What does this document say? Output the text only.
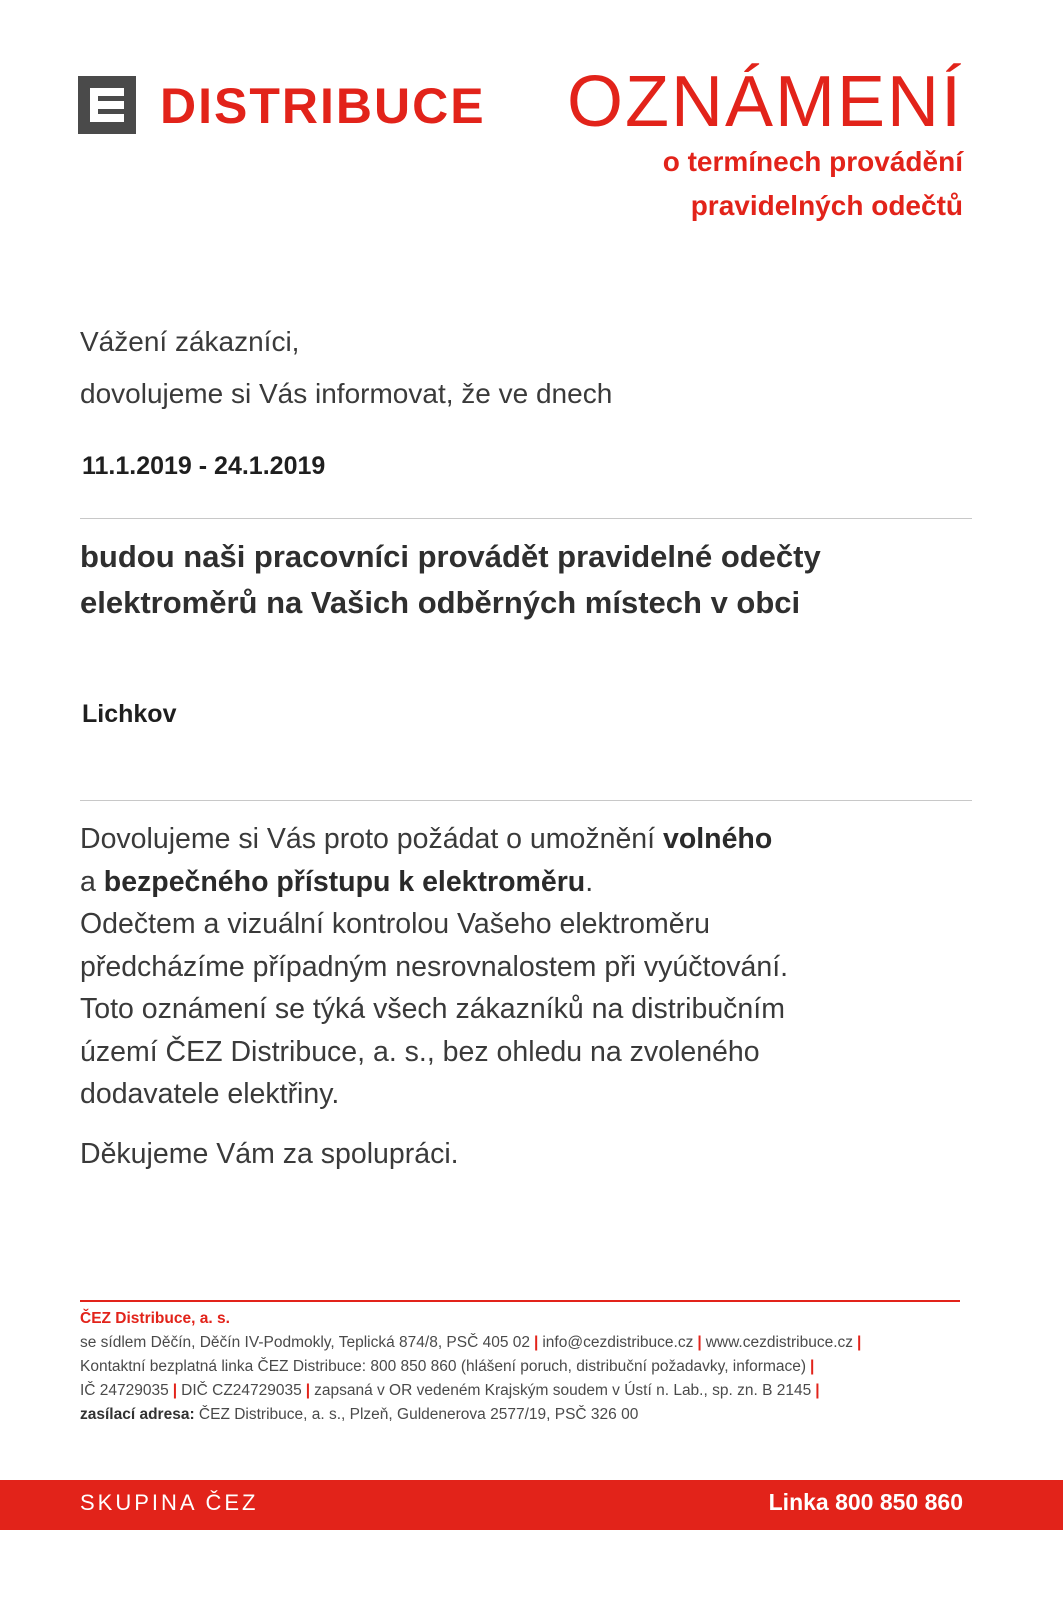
DISTRIBUCE OZNÁMENÍ
o termínech provádění
pravidelných odečtů
Vážení zákazníci,
dovolujeme si Vás informovat, že ve dnech
11.1.2019 - 24.1.2019
budou naši pracovníci provádět pravidelné odečty
elektroměrů na Vašich odběrných místech v obci
Lichkov
Dovolujeme si Vás proto požádat o umožnění volného
a bezpečného přístupu k elektroměru.
Odečtem a vizuální kontrolou Vašeho elektroměru
předcházíme případným nesrovnalostem při vyúčtování.
Toto oznámení se týká všech zákazníků na distribučním
území ČEZ Distribuce, a. s., bez ohledu na zvoleného
dodavatele elektřiny.
Děkujeme Vám za spolupráci.
ČEZ Distribuce, a. s.
se sídlem Děčín, Děčín IV-Podmokly, Teplická 874/8, PSČ 405 02 | info@cezdistribuce.cz | www.cezdistribuce.cz |
Kontaktní bezplatná linka ČEZ Distribuce: 800 850 860 (hlášení poruch, distribuční požadavky, informace) |
IČ 24729035 | DIČ CZ24729035 | zapsaná v OR vedeném Krajským soudem v Ústí n. Lab., sp. zn. B 2145 |
zasílací adresa: ČEZ Distribuce, a. s., Plzeň, Guldenerova 2577/19, PSČ 326 00
SKUPINA ČEZ	Linka 800 850 860
